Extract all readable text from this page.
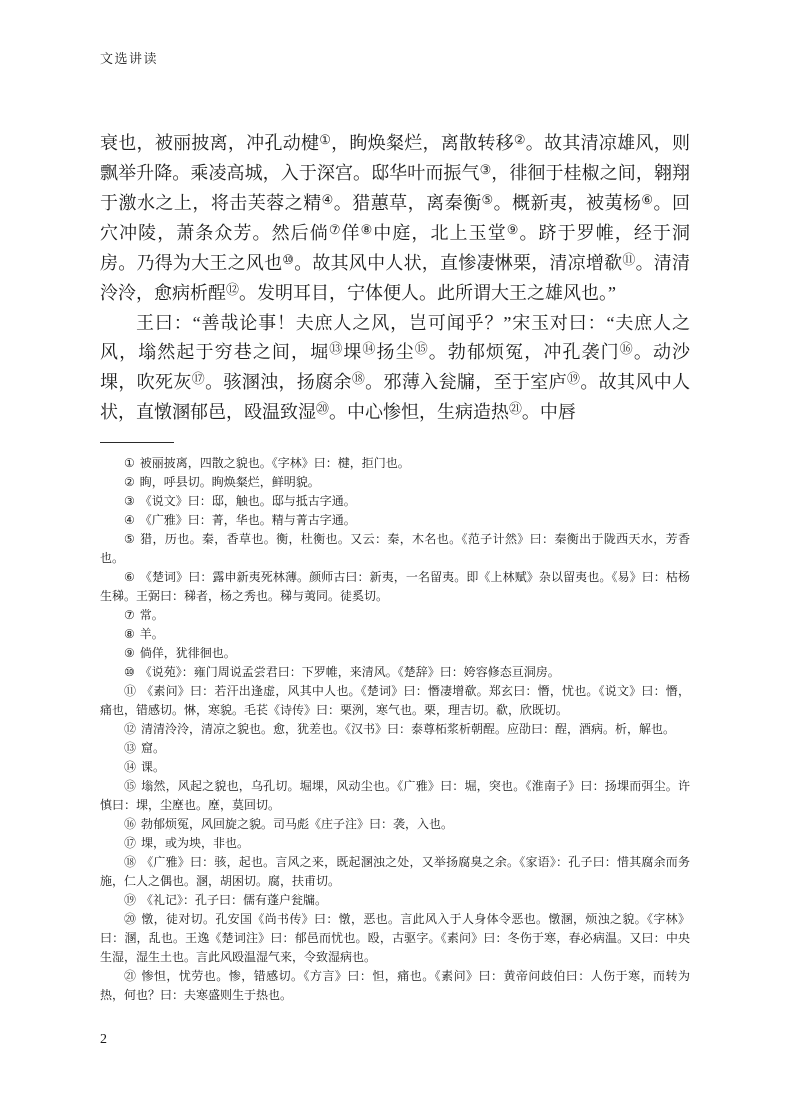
文选讲读

衰也，被丽披离，冲孔动楗①，眴焕粲烂，离散转移②。故其清凉雄风，则飘举升降。乘凌高城，入于深宫。邸华叶而振气③，徘徊于桂椒之间，翱翔于激水之上，将击芙蓉之精④。猎蕙草，离秦衡⑤。概新夷，被荑杨⑥。回穴冲陵，萧条众芳。然后倘⑦佯⑧中庭，北上玉堂⑨。跻于罗帷，经于洞房。乃得为大王之风也⑩。故其风中人状，直惨凄惏栗，清凉增欷⑪。清清泠泠，愈病析酲⑫。发明耳目，宁体便人。此所谓大王之雄风也。”

王曰：“善哉论事！夫庶人之风，岂可闻乎？”宋玉对曰：“夫庶人之风，塕然起于穷巷之间，堀⑬堁⑭扬尘⑮。勃郁烦冤，冲孔袭门⑯。动沙堁，吹死灰⑰。骇溷浊，扬腐余⑱。邪薄入瓮牖，至于室庐⑲。故其风中人状，直憞溷郁邑，殴温致湿⑳。中心惨怛，生病造热$^㉑$。中唇

① 被丽披离，四散之貌也。《字林》曰：楗，拒门也。

② 眴，呼县切。眴焕粲烂，鲜明貌。

③ 《说文》曰：邸，触也。邸与抵古字通。

④ 《广雅》曰：菁，华也。精与菁古字通。

⑤ 猎，历也。秦，香草也。衡，杜衡也。又云：秦，木名也。《范子计然》曰：秦衡出于陇西天水，芳香也。

⑥ 《楚词》曰：露申新夷死林薄。颜师古曰：新夷，一名留夷。即《上林赋》杂以留夷也。《易》曰：枯杨生稊。王弼曰：稊者，杨之秀也。稊与荑同。徒奚切。

⑦ 常。

⑧ 羊。

⑨ 倘佯，犹徘徊也。

⑩ 《说苑》：雍门周说孟尝君曰：下罗帷，来清风。《楚辞》曰：姱容修态亘洞房。

⑪ 《素问》曰：若汗出逢虚，风其中人也。《楚词》曰：憯凄增欷。郑玄曰：憯，忧也。《说文》曰：憯，痛也，错感切。惏，寒貌。毛苌《诗传》曰：栗洌，寒气也。栗，理吉切。欷，欣既切。

⑫ 清清泠泠，清凉之貌也。愈，犹差也。《汉书》曰：泰尊柘浆析朝酲。应劭曰：酲，酒病。析，解也。

⑬ 窟。

⑭ 课。

⑮ 塕然，风起之貌也，乌孔切。堀堁，风动尘也。《广雅》曰：堀，突也。《淮南子》曰：扬堁而弭尘。许慎曰：堁，尘塺也。塺，莫回切。

⑯ 勃郁烦冤，风回旋之貌。司马彪《庄子注》曰：袭，入也。

⑰ 堁，或为坱，非也。

⑱ 《广雅》曰：骇，起也。言风之来，既起溷浊之处，又举扬腐臭之余。《家语》：孔子曰：惜其腐余而务施，仁人之偶也。溷，胡困切。腐，扶甫切。

⑲ 《礼记》：孔子曰：儒有蓬户瓮牖。

⑳ 憞，徒对切。孔安国《尚书传》曰：憞，恶也。言此风入于人身体令恶也。憞溷，烦浊之貌。《字林》曰：溷，乱也。王逸《楚词注》曰：郁邑而忧也。殴，古驱字。《素问》曰：冬伤于寒，春必病温。又曰：中央生湿，湿生土也。言此风殴温湿气来，令致湿病也。

㉑ 惨怛，忧劳也。惨，错感切。《方言》曰：怛，痛也。《素问》曰：黄帝问歧伯曰：人伤于寒，而转为热，何也？曰：夫寒盛则生于热也。

2
